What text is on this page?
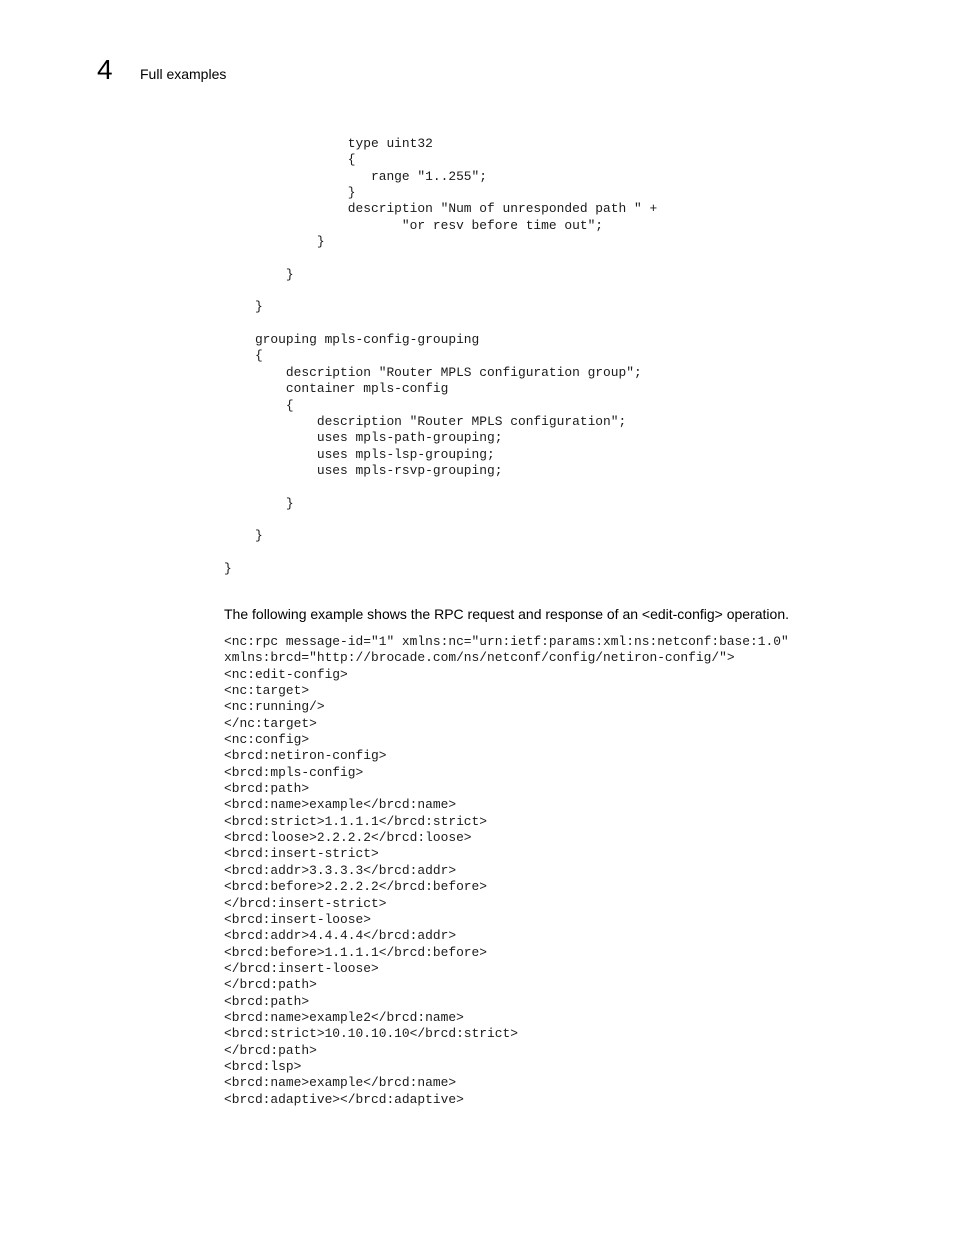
4 Full examples
type uint32
{
range "1..255";
}
description "Num of unresponded path " +
"or resv before time out";
}

}

}

grouping mpls-config-grouping
{
description "Router MPLS configuration group";
container mpls-config
{
description "Router MPLS configuration";
uses mpls-path-grouping;
uses mpls-lsp-grouping;
uses mpls-rsvp-grouping;

}

}

}

The following example shows the RPC request and response of an <edit-config> operation.

<nc:rpc message-id="1" xmlns:nc="urn:ietf:params:xml:ns:netconf:base:1.0"
xmlns:brcd="http://brocade.com/ns/netconf/config/netiron-config/">
<nc:edit-config>
<nc:target>
<nc:running/>
</nc:target>
<nc:config>
<brcd:netiron-config>
<brcd:mpls-config>
<brcd:path>
<brcd:name>example</brcd:name>
<brcd:strict>1.1.1.1</brcd:strict>
<brcd:loose>2.2.2.2</brcd:loose>
<brcd:insert-strict>
<brcd:addr>3.3.3.3</brcd:addr>
<brcd:before>2.2.2.2</brcd:before>
</brcd:insert-strict>
<brcd:insert-loose>
<brcd:addr>4.4.4.4</brcd:addr>
<brcd:before>1.1.1.1</brcd:before>
</brcd:insert-loose>
</brcd:path>
<brcd:path>
<brcd:name>example2</brcd:name>
<brcd:strict>10.10.10.10</brcd:strict>
</brcd:path>
<brcd:lsp>
<brcd:name>example</brcd:name>
<brcd:adaptive></brcd:adaptive>
